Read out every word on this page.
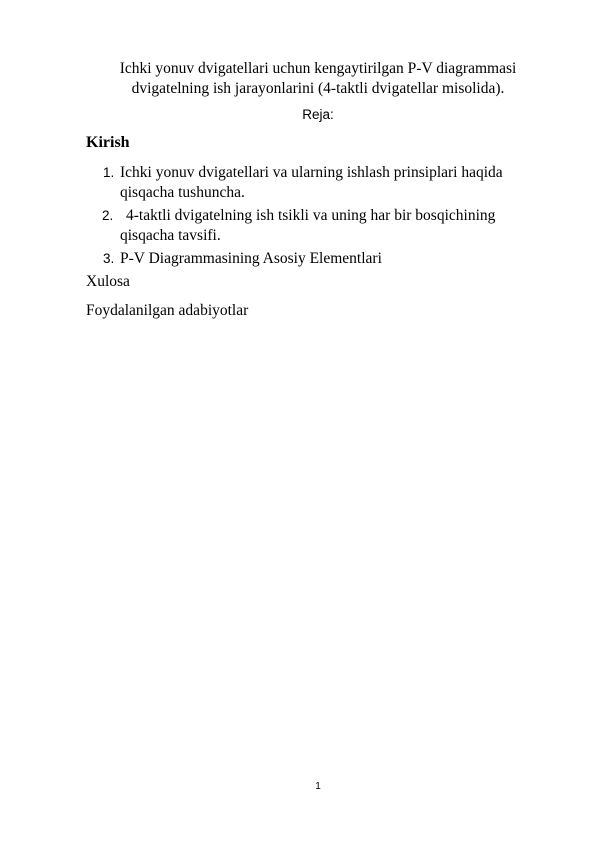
Ichki yonuv dvigatellari uchun kengaytirilgan P-V diagrammasi dvigatelning ish jarayonlarini (4-taktli dvigatellar misolida).
Reja:
Kirish
1. Ichki yonuv dvigatellari va ularning ishlash prinsiplari haqida qisqacha tushuncha.
2. 4-taktli dvigatelning ish tsikli va uning har bir bosqichining qisqacha tavsifi.
3. P-V Diagrammasining Asosiy Elementlari
Xulosa
Foydalanilgan adabiyotlar
1
